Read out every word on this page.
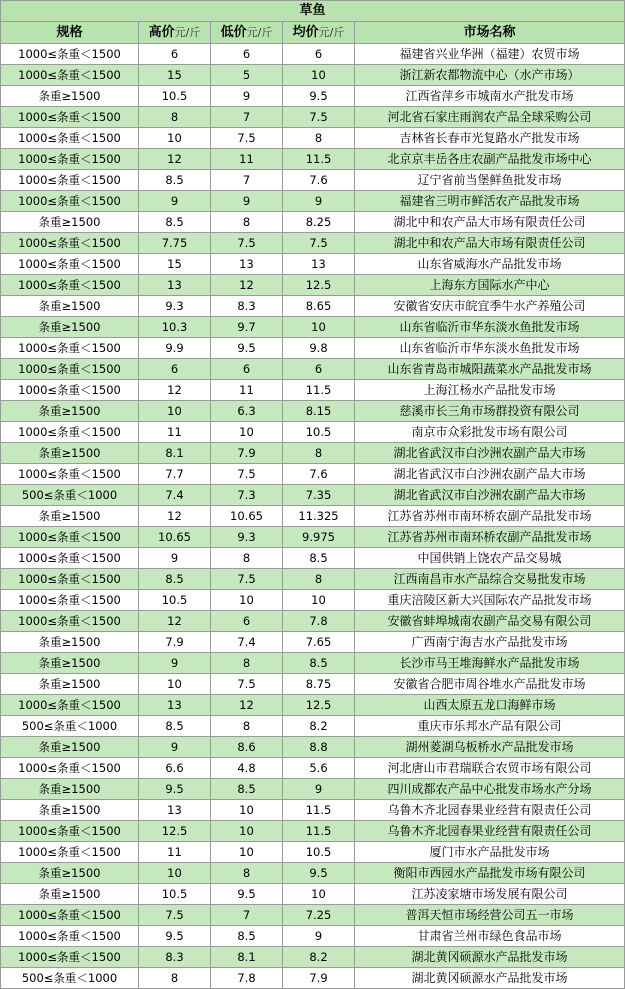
草鱼				
规格	高价元/斤	低价元/斤	均价元/斤	市场名称
1000≤条重＜1500	6	6	6	福建省兴业华洲（福建）农贸市场
1000≤条重＜1500	15	5	10	浙江新农都物流中心（水产市场）
条重≥1500	10.5	9	9.5	江西省萍乡市城南水产批发市场
1000≤条重＜1500	8	7	7.5	河北省石家庄雨润农产品全球采购公司
1000≤条重＜1500	10	7.5	8	吉林省长春市光复路水产批发市场
1000≤条重＜1500	12	11	11.5	北京京丰岳各庄农副产品批发市场中心
1000≤条重＜1500	8.5	7	7.6	辽宁省前当堡鲜鱼批发市场
1000≤条重＜1500	9	9	9	福建省三明市鲜活农产品批发市场
条重≥1500	8.5	8	8.25	湖北中和农产品大市场有限责任公司
1000≤条重＜1500	7.75	7.5	7.5	湖北中和农产品大市场有限责任公司
1000≤条重＜1500	15	13	13	山东省威海水产品批发市场
1000≤条重＜1500	13	12	12.5	上海东方国际水产中心
条重≥1500	9.3	8.3	8.65	安徽省安庆市皖宜季牛水产养殖公司
条重≥1500	10.3	9.7	10	山东省临沂市华东淡水鱼批发市场
1000≤条重＜1500	9.9	9.5	9.8	山东省临沂市华东淡水鱼批发市场
1000≤条重＜1500	6	6	6	山东省青岛市城阳蔬菜水产品批发市场
1000≤条重＜1500	12	11	11.5	上海江杨水产品批发市场
条重≥1500	10	6.3	8.15	慈溪市长三角市场群投资有限公司
1000≤条重＜1500	11	10	10.5	南京市众彩批发市场有限公司
条重≥1500	8.1	7.9	8	湖北省武汉市白沙洲农副产品大市场
1000≤条重＜1500	7.7	7.5	7.6	湖北省武汉市白沙洲农副产品大市场
500≤条重＜1000	7.4	7.3	7.35	湖北省武汉市白沙洲农副产品大市场
条重≥1500	12	10.65	11.325	江苏省苏州市南环桥农副产品批发市场
1000≤条重＜1500	10.65	9.3	9.975	江苏省苏州市南环桥农副产品批发市场
1000≤条重＜1500	9	8	8.5	中国供销上饶农产品交易城
1000≤条重＜1500	8.5	7.5	8	江西南昌市水产品综合交易批发市场
1000≤条重＜1500	10.5	10	10	重庆涪陵区新大兴国际农产品批发市场
1000≤条重＜1500	12	6	7.8	安徽省蚌埠城南农副产品交易有限公司
条重≥1500	7.9	7.4	7.65	广西南宁海吉水产品批发市场
条重≥1500	9	8	8.5	长沙市马王堆海鲜水产品批发市场
条重≥1500	10	7.5	8.75	安徽省合肥市周谷堆水产品批发市场
1000≤条重＜1500	13	12	12.5	山西太原五龙口海鲜市场
500≤条重＜1000	8.5	8	8.2	重庆市乐邦水产品有限公司
条重≥1500	9	8.6	8.8	湖州菱湖乌板桥水产品批发市场
1000≤条重＜1500	6.6	4.8	5.6	河北唐山市君瑞联合农贸市场有限公司
条重≥1500	9.5	8.5	9	四川成都农产品中心批发市场水产分场
条重≥1500	13	10	11.5	乌鲁木齐北园春果业经营有限责任公司
1000≤条重＜1500	12.5	10	11.5	乌鲁木齐北园春果业经营有限责任公司
1000≤条重＜1500	11	10	10.5	厦门市水产品批发市场
条重≥1500	10	8	9.5	衡阳市西园水产品批发市场有限公司
条重≥1500	10.5	9.5	10	江苏凌家塘市场发展有限公司
1000≤条重＜1500	7.5	7	7.25	普洱天恒市场经营公司五一市场
1000≤条重＜1500	9.5	8.5	9	甘肃省兰州市绿色食品市场
1000≤条重＜1500	8.3	8.1	8.2	湖北黄冈硕源水产品批发市场
500≤条重＜1000	8	7.8	7.9	湖北黄冈硕源水产品批发市场
